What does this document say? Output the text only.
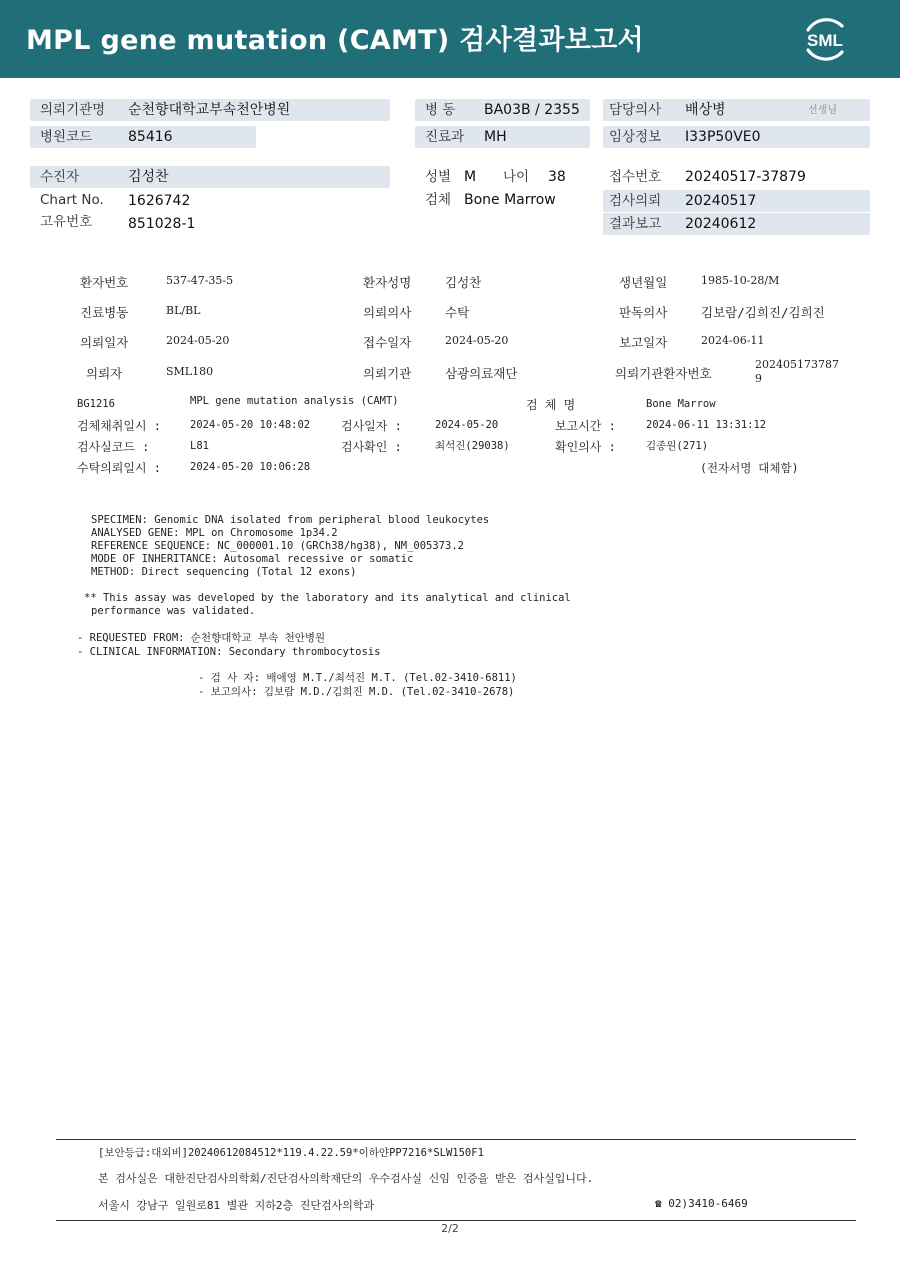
MPL gene mutation (CAMT) 검사결과보고서	SML
의뢰기관명 순천향대학교부속천안병원
병원코드	85416
병 동 BA03B / 2355
진료과 MH
담당의사 배상병	선생님
임상정보 I33P50VE0
수진자	김성찬
Chart No. 1626742
고유번호	851028-1
성별 M 나이 38
검체 Bone Marrow
접수번호 20240517-37879
검사의뢰 20240517
결과보고 20240612
환자번호	537-47-35-5	환자성명	김성찬	생년월일	1985-10-28/M
진료병동	BL/BL	의뢰의사	수탁	판독의사	김보람/김희진/김희진
의뢰일자	2024-05-20	접수일자	2024-05-20	보고일자	2024-06-11
의뢰자	SML180	의뢰기관	삼광의료재단	의뢰기관환자번호
202405173787
9
BG1216	MPL gene mutation analysis (CAMT)	검 체 명	Bone Marrow
검체채취일시 :	2024-05-20 10:48:02	검사일자 :	2024-05-20	보고시간 :	2024-06-11 13:31:12
검사실코드 :	L81	검사확인 :	최석진(29038)	확인의사 :	김종원(271)
수탁의뢰일시 :	2024-05-20 10:06:28	(전자서명 대체함)
SPECIMEN: Genomic DNA isolated from peripheral blood leukocytes
ANALYSED GENE: MPL on Chromosome 1p34.2
REFERENCE SEQUENCE: NC_000001.10 (GRCh38/hg38), NM_005373.2
MODE OF INHERITANCE: Autosomal recessive or somatic
METHOD: Direct sequencing (Total 12 exons)
** This assay was developed by the laboratory and its analytical and clinical
performance was validated.
- REQUESTED FROM: 순천향대학교 부속 천안병원
- CLINICAL INFORMATION: Secondary thrombocytosis
- 검 사 자: 배애영 M.T./최석진 M.T. (Tel.02-3410-6811)
- 보고의사: 김보람 M.D./김희진 M.D. (Tel.02-3410-2678)
[보안등급:대외비]20240612084512*119.4.22.59*이하얀PP7216*SLW150F1
본 검사실은 대한진단검사의학회/진단검사의학재단의 우수검사실 신임 인증을 받은 검사실입니다.
서울시 강남구 일원로81 별관 지하2층 진단검사의학과	☎ 02)3410-6469
2/2
